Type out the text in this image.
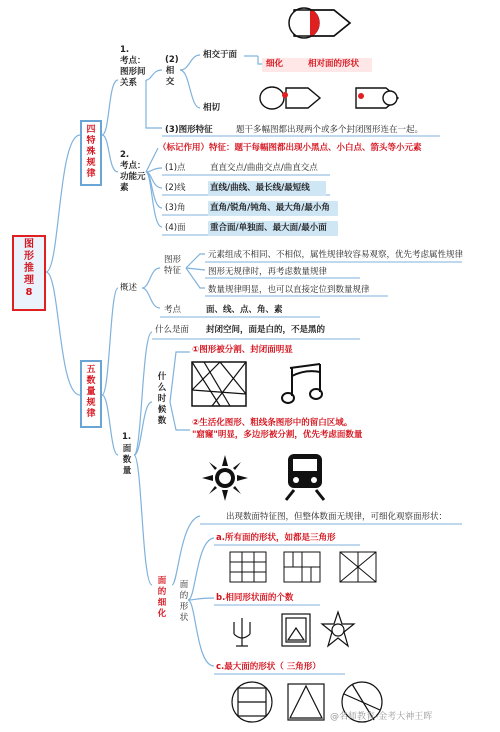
图形推理8
四特殊规律
1.
考点：图形间关系
(2)
相交
相交于面
细化	相对面的形状
相切
(3)图形特征	题干多幅图都出现两个或多个封闭图形连在一起。
2.
考点：功能元素
（标记作用）特征：题干每幅图都出现小黑点、小白点、箭头等小元素
(1)点	直直交点/曲曲交点/曲直交点
(2)线	直线/曲线、最长线/最短线
(3)角	直角/锐角/钝角、最大角/最小角
(4)面	重合面/单独面、最大面/最小面
五数量规律
概述
图形特征
元素组成不相同、不相似，属性规律较容易观察，优先考虑属性规律
图形无规律时，再考虑数量规律
数量规律明显，也可以直接定位到数量规律
考点	面、线、点、角、素
1.
面数量
什么是面 封闭空间，面是白的，不是黑的
什么时候数
①图形被分割、封闭面明显
②生活化图形、粗线条图形中的留白区域。
"窟窿"明显，多边形被分割，优先考虑面数量
出现数面特征图，但整体数面无规律，可细化观察面形状：
面的细化
面的形状
a.所有面的形状，如都是三角形
b.相同形状面的个数
c.最大面的形状（ 三角形）
@名师教育-金考大神王晖
